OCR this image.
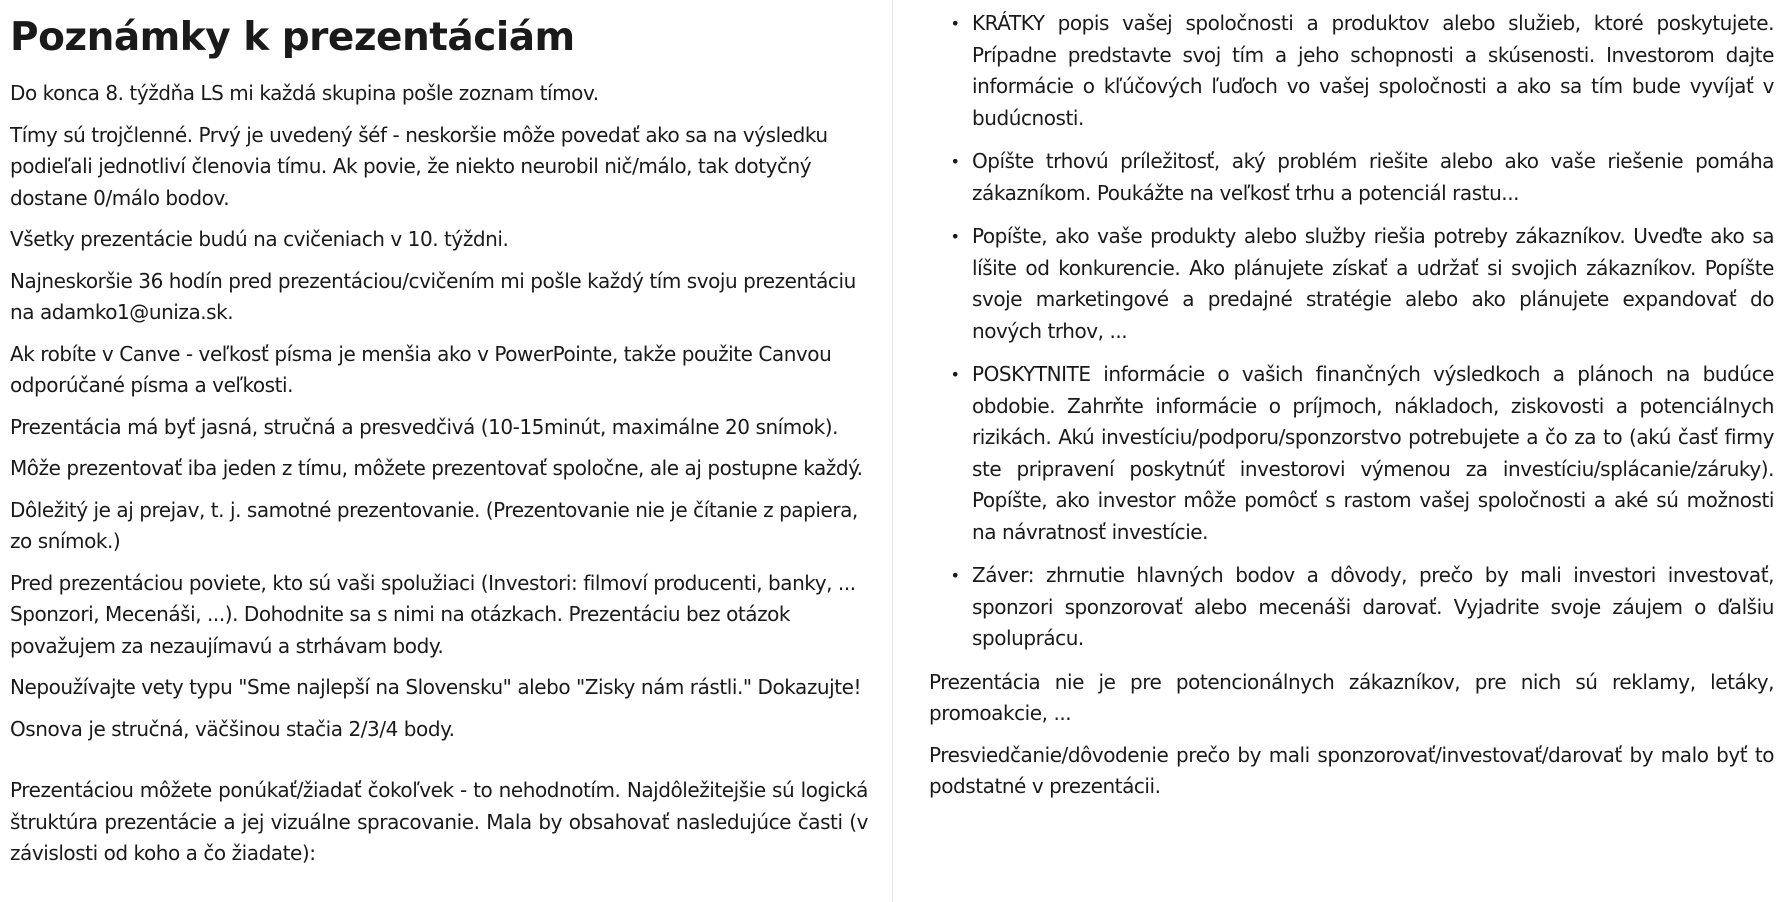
Poznámky k prezentáciám

Do konca 8. týždňa LS mi každá skupina pošle zoznam tímov.

Tímy sú trojčlenné. Prvý je uvedený šéf - neskoršie môže povedať ako sa na výsledku podieľali jednotliví členovia tímu. Ak povie, že niekto neurobil nič/málo, tak dotyčný dostane 0/málo bodov.

Všetky prezentácie budú na cvičeniach v 10. týždni.

Najneskoršie 36 hodín pred prezentáciou/cvičením mi pošle každý tím svoju prezentáciu na adamko1@uniza.sk.

Ak robíte v Canve - veľkosť písma je menšia ako v PowerPointe, takže použite Canvou odporúčané písma a veľkosti.

Prezentácia má byť jasná, stručná a presvedčivá (10-15minút, maximálne 20 snímok).

Môže prezentovať iba jeden z tímu, môžete prezentovať spoločne, ale aj postupne každý.

Dôležitý je aj prejav, t. j. samotné prezentovanie. (Prezentovanie nie je čítanie z papiera, zo snímok.)

Pred prezentáciou poviete, kto sú vaši spolužiaci (Investori: filmoví producenti, banky, ... Sponzori, Mecenáši, ...). Dohodnite sa s nimi na otázkach. Prezentáciu bez otázok považujem za nezaujímavú a strhávam body.

Nepoužívajte vety typu "Sme najlepší na Slovensku" alebo "Zisky nám rástli." Dokazujte!

Osnova je stručná, väčšinou stačia 2/3/4 body.

Prezentáciou môžete ponúkať/žiadať čokoľvek - to nehodnotím. Najdôležitejšie sú logická štruktúra prezentácie a jej vizuálne spracovanie. Mala by obsahovať nasledujúce časti (v závislosti od koho a čo žiadate):

• KRÁTKY popis vašej spoločnosti a produktov alebo služieb, ktoré poskytujete. Prípadne predstavte svoj tím a jeho schopnosti a skúsenosti. Investorom dajte informácie o kľúčových ľuďoch vo vašej spoločnosti a ako sa tím bude vyvíjať v budúcnosti.
• Opíšte trhovú príležitosť, aký problém riešite alebo ako vaše riešenie pomáha zákazníkom. Poukážte na veľkosť trhu a potenciál rastu...
• Popíšte, ako vaše produkty alebo služby riešia potreby zákazníkov. Uveďte ako sa líšite od konkurencie. Ako plánujete získať a udržať si svojich zákazníkov. Popíšte svoje marketingové a predajné stratégie alebo ako plánujete expandovať do nových trhov, ...
• POSKYTNITE informácie o vašich finančných výsledkoch a plánoch na budúce obdobie. Zahrňte informácie o príjmoch, nákladoch, ziskovosti a potenciálnych rizikách. Akú investíciu/podporu/sponzorstvo potrebujete a čo za to (akú časť firmy ste pripravení poskytnúť investorovi výmenou za investíciu/splácanie/záruky). Popíšte, ako investor môže pomôcť s rastom vašej spoločnosti a aké sú možnosti na návratnosť investície.
• Záver: zhrnutie hlavných bodov a dôvody, prečo by mali investori investovať, sponzori sponzorovať alebo mecenáši darovať. Vyjadrite svoje záujem o ďalšiu spoluprácu.

Prezentácia nie je pre potencionálnych zákazníkov, pre nich sú reklamy, letáky, promoakcie, ...

Presviedčanie/dôvodenie prečo by mali sponzorovať/investovať/darovať by malo byť to podstatné v prezentácii.
